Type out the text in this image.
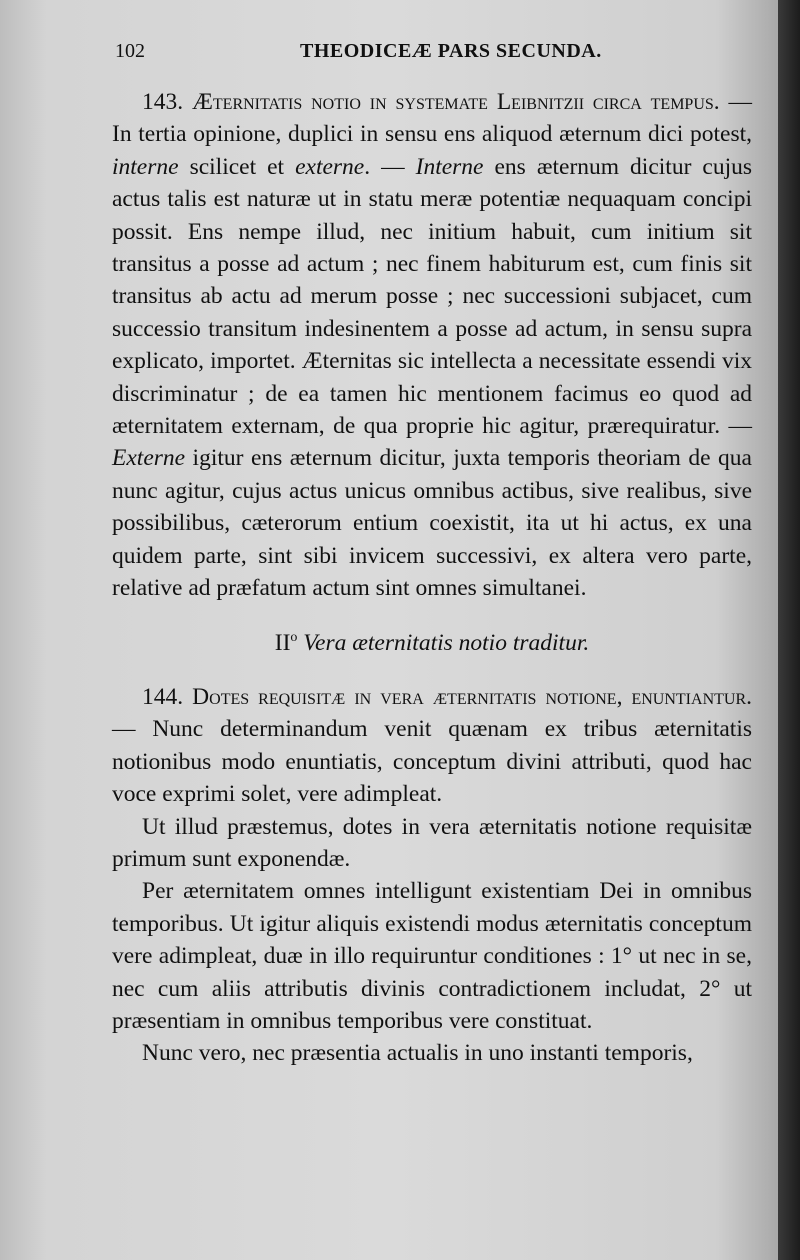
102	THEODICEÆ PARS SECUNDA.

143. Æternitatis notio in systemate Leibnitzii circa tempus. — In tertia opinione, duplici in sensu ens aliquod æternum dici potest, interne scilicet et externe. — Interne ens æternum dicitur cujus actus talis est naturæ ut in statu meræ potentiæ nequaquam concipi possit. Ens nempe illud, nec initium habuit, cum initium sit transitus a posse ad actum ; nec finem habiturum est, cum finis sit transitus ab actu ad merum posse ; nec successioni subjacet, cum successio transitum indesinentem a posse ad actum, in sensu supra explicato, importet. Æternitas sic intellecta a necessitate essendi vix discriminatur ; de ea tamen hic mentionem facimus eo quod ad æternitatem externam, de qua proprie hic agitur, prærequiratur. — Externe igitur ens æternum dicitur, juxta temporis theoriam de qua nunc agitur, cujus actus unicus omnibus actibus, sive realibus, sive possibilibus, cæterorum entium coexistit, ita ut hi actus, ex una quidem parte, sint sibi invicem successivi, ex altera vero parte, relative ad præfatum actum sint omnes simultanei.

$II^o$ Vera æternitatis notio traditur.

144. Dotes requisitæ in vera æternitatis notione, enuntiantur. — Nunc determinandum venit quænam ex tribus æternitatis notionibus modo enuntiatis, conceptum divini attributi, quod hac voce exprimi solet, vere adimpleat.

Ut illud præstemus, dotes in vera æternitatis notione requisitæ primum sunt exponendæ.

Per æternitatem omnes intelligunt existentiam Dei in omnibus temporibus. Ut igitur aliquis existendi modus æternitatis conceptum vere adimpleat, duæ in illo requiruntur conditiones : 1° ut nec in se, nec cum aliis attributis divinis contradictionem includat, 2° ut præsentiam in omnibus temporibus vere constituat.

Nunc vero, nec præsentia actualis in uno instanti temporis,
